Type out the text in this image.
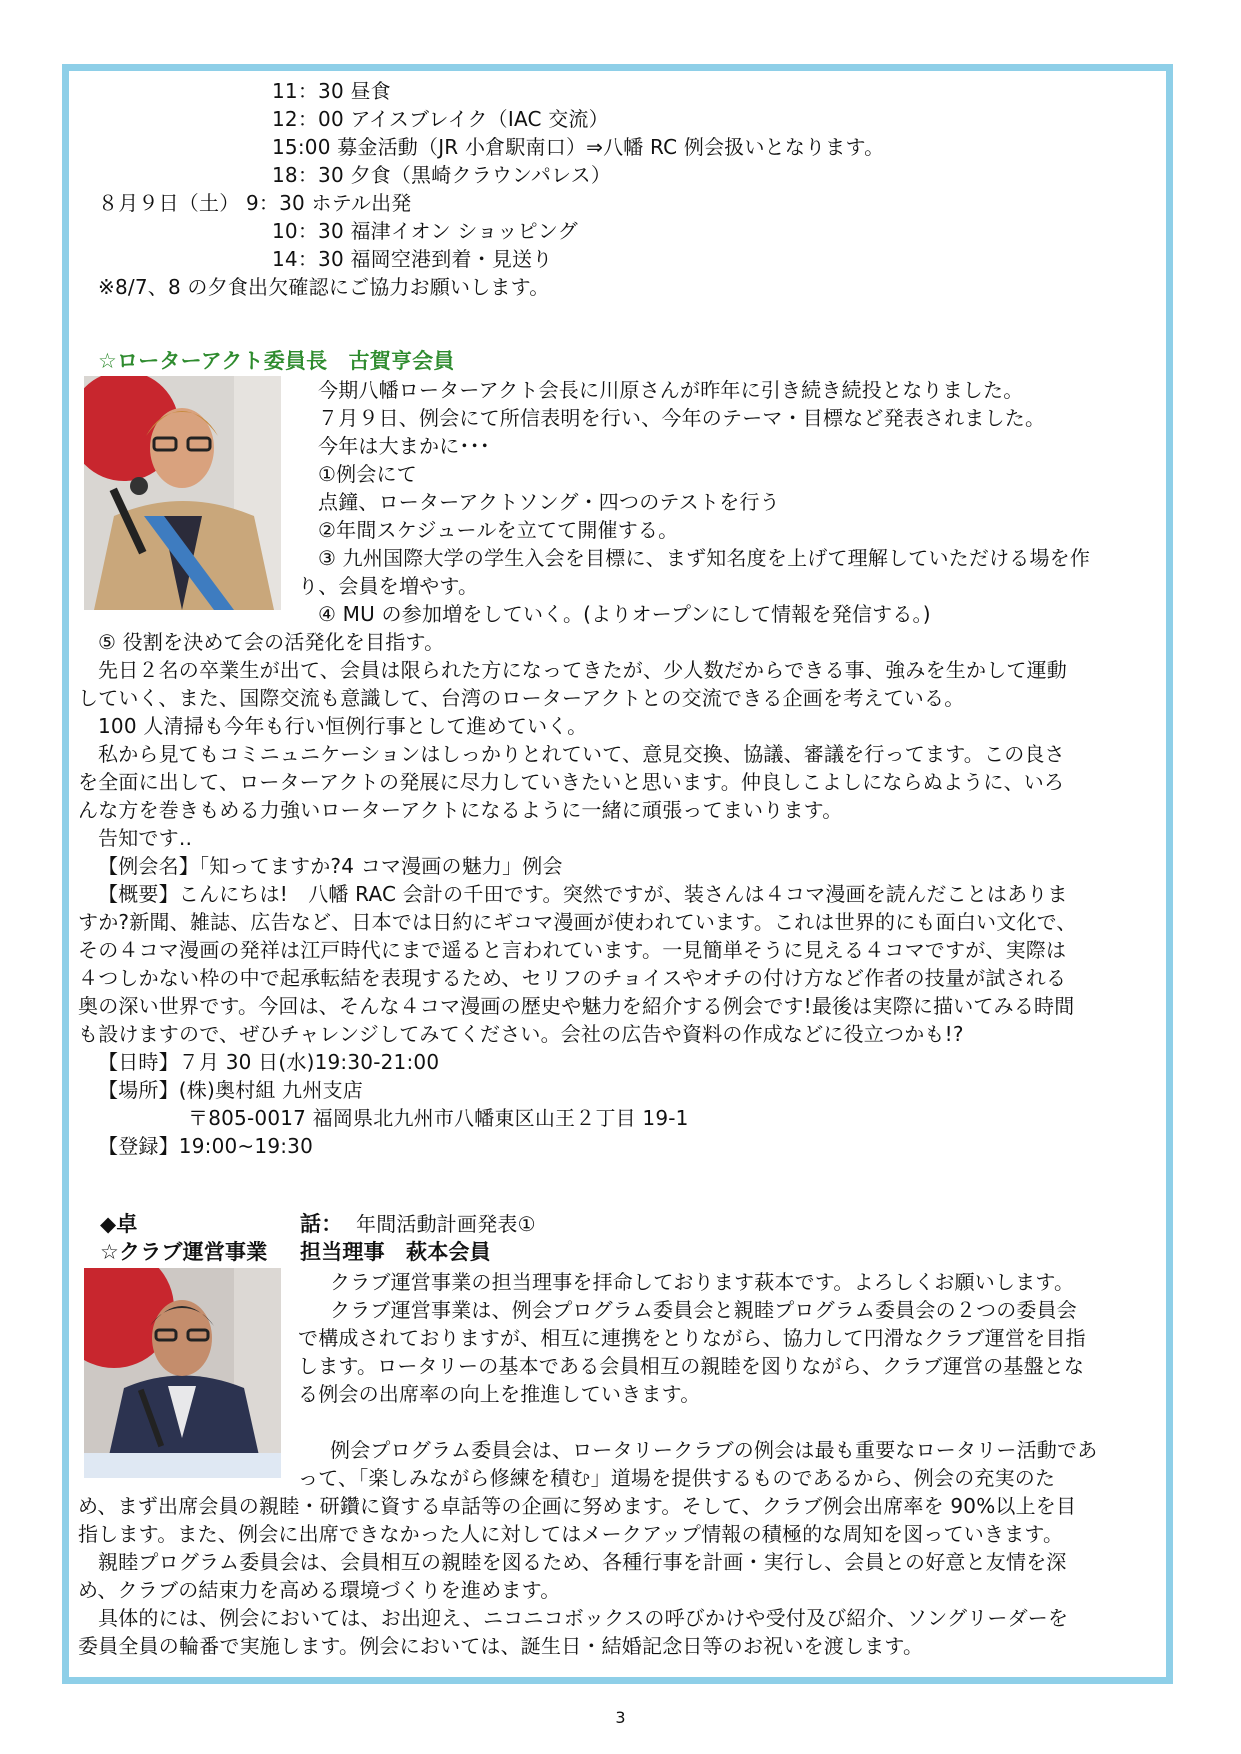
11：30 昼食
12：00 アイスブレイク（IAC 交流）
15:00 募金活動（JR 小倉駅南口）⇒八幡 RC 例会扱いとなります。
18：30 夕食（黒崎クラウンパレス）
８月９日（土） 9：30 ホテル出発
10：30 福津イオン ショッピング
14：30 福岡空港到着・見送り
※8/7、8 の夕食出欠確認にご協力お願いします。
☆ローターアクト委員長　古賀亨会員
今期八幡ローターアクト会長に川原さんが昨年に引き続き続投となりました。
７月９日、例会にて所信表明を行い、今年のテーマ・目標など発表されました。
今年は大まかに･･･
①例会にて
点鐘、ローターアクトソング・四つのテストを行う
②年間スケジュールを立てて開催する。
③ 九州国際大学の学生入会を目標に、まず知名度を上げて理解していただける場を作
り、会員を増やす。
④ MU の参加増をしていく。(よりオープンにして情報を発信する。)
⑤ 役割を決めて会の活発化を目指す。
先日２名の卒業生が出て、会員は限られた方になってきたが、少人数だからできる事、強みを生かして運動
していく、また、国際交流も意識して、台湾のローターアクトとの交流できる企画を考えている。
100 人清掃も今年も行い恒例行事として進めていく。
私から見てもコミニュニケーションはしっかりとれていて、意見交換、協議、審議を行ってます。この良さ
を全面に出して、ローターアクトの発展に尽力していきたいと思います。仲良しこよしにならぬように、いろ
んな方を巻きもめる力強いローターアクトになるように一緒に頑張ってまいります。
告知です‥
【例会名】「知ってますか?4 コマ漫画の魅力」例会
【概要】こんにちは!　八幡 RAC 会計の千田です。突然ですが、装さんは４コマ漫画を読んだことはありま
すか?新聞、雑誌、広告など、日本では日約にギコマ漫画が使われています。これは世界的にも面白い文化で、
その４コマ漫画の発祥は江戸時代にまで遥ると言われています。一見簡単そうに見える４コマですが、実際は
４つしかない枠の中で起承転結を表現するため、セリフのチョイスやオチの付け方など作者の技量が試される
奥の深い世界です。今回は、そんな４コマ漫画の歴史や魅力を紹介する例会です!最後は実際に描いてみる時間
も設けますので、ぜひチャレンジしてみてください。会社の広告や資料の作成などに役立つかも!?
【日時】７月 30 日(水)19:30-21:00
【場所】(株)奥村組 九州支店
〒805-0017 福岡県北九州市八幡東区山王２丁目 19-1
【登録】19:00~19:30
◆卓	話： 年間活動計画発表①
☆クラブ運営事業 担当理事　萩本会員
クラブ運営事業の担当理事を拝命しております萩本です。よろしくお願いします。
クラブ運営事業は、例会プログラム委員会と親睦プログラム委員会の２つの委員会
で構成されておりますが、相互に連携をとりながら、協力して円滑なクラブ運営を目指
します。ロータリーの基本である会員相互の親睦を図りながら、クラブ運営の基盤とな
る例会の出席率の向上を推進していきます。
例会プログラム委員会は、ロータリークラブの例会は最も重要なロータリー活動であ
って、「楽しみながら修練を積む」道場を提供するものであるから、例会の充実のた
め、まず出席会員の親睦・研鑽に資する卓話等の企画に努めます。そして、クラブ例会出席率を 90%以上を目
指します。また、例会に出席できなかった人に対してはメークアップ情報の積極的な周知を図っていきます。
親睦プログラム委員会は、会員相互の親睦を図るため、各種行事を計画・実行し、会員との好意と友情を深
め、クラブの結束力を高める環境づくりを進めます。
具体的には、例会においては、お出迎え、ニコニコボックスの呼びかけや受付及び紹介、ソングリーダーを
委員全員の輪番で実施します。例会においては、誕生日・結婚記念日等のお祝いを渡します。
3
